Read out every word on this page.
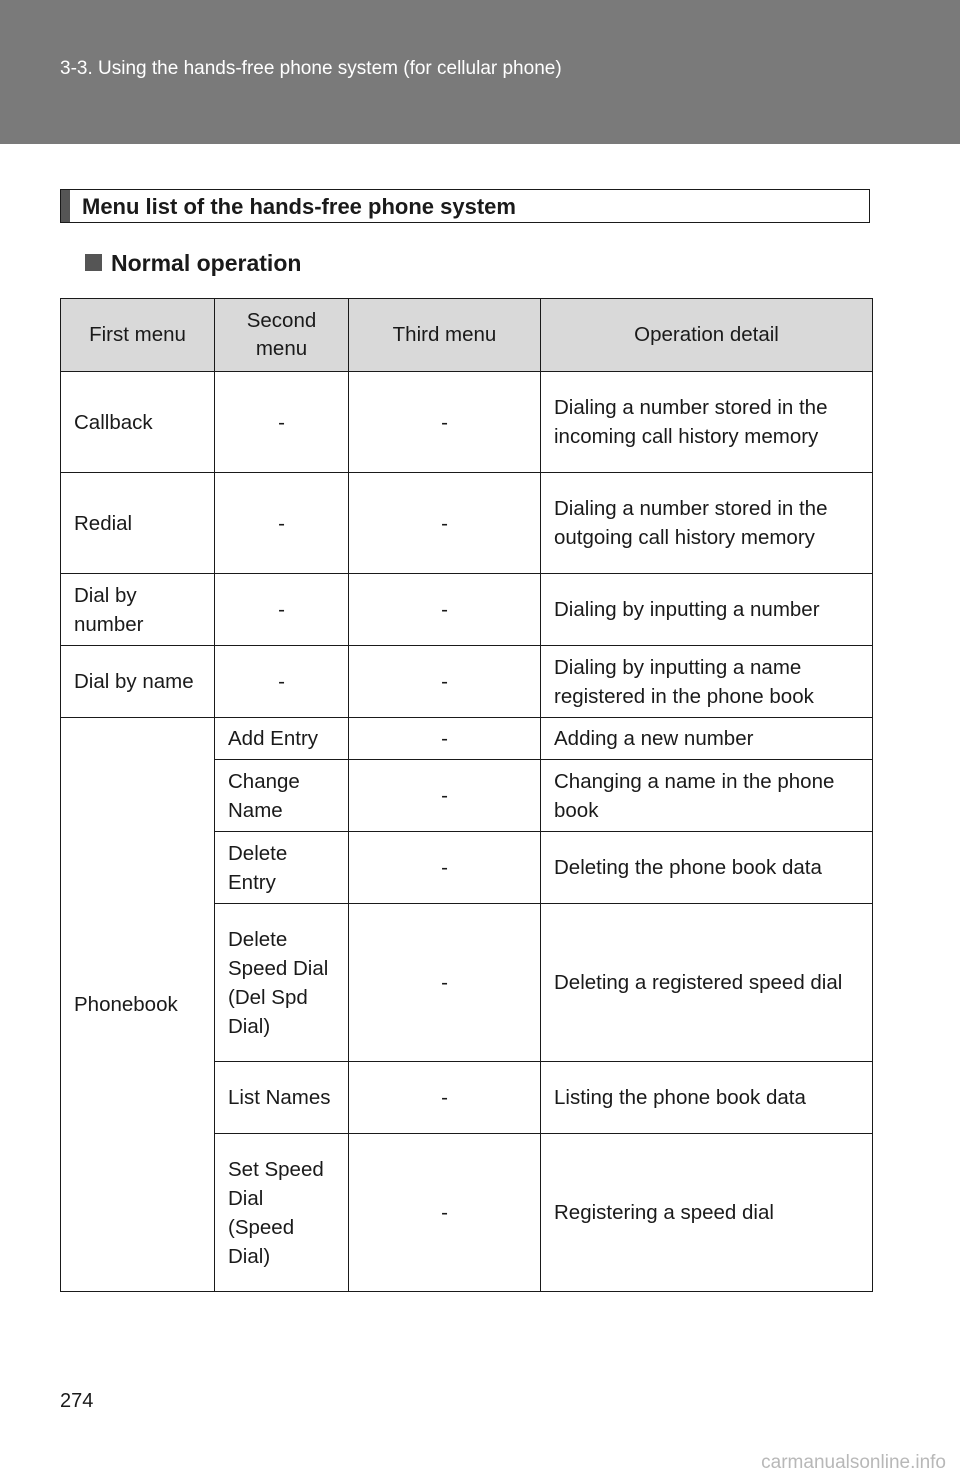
3-3. Using the hands-free phone system (for cellular phone)
Menu list of the hands-free phone system
Normal operation
First menu	Second menu	Third menu	Operation detail
Callback	-	-	Dialing a number stored in the incoming call history memory
Redial	-	-	Dialing a number stored in the outgoing call history memory
Dial by number	-	-	Dialing by inputting a number
Dial by name	-	-	Dialing by inputting a name registered in the phone book
Phonebook	Add Entry	-	Adding a new number
	Change Name	-	Changing a name in the phone book
	Delete Entry	-	Deleting the phone book data
	Delete Speed Dial (Del Spd Dial)	-	Deleting a registered speed dial
	List Names	-	Listing the phone book data
	Set Speed Dial (Speed Dial)	-	Registering a speed dial
274
carmanualsonline.info
